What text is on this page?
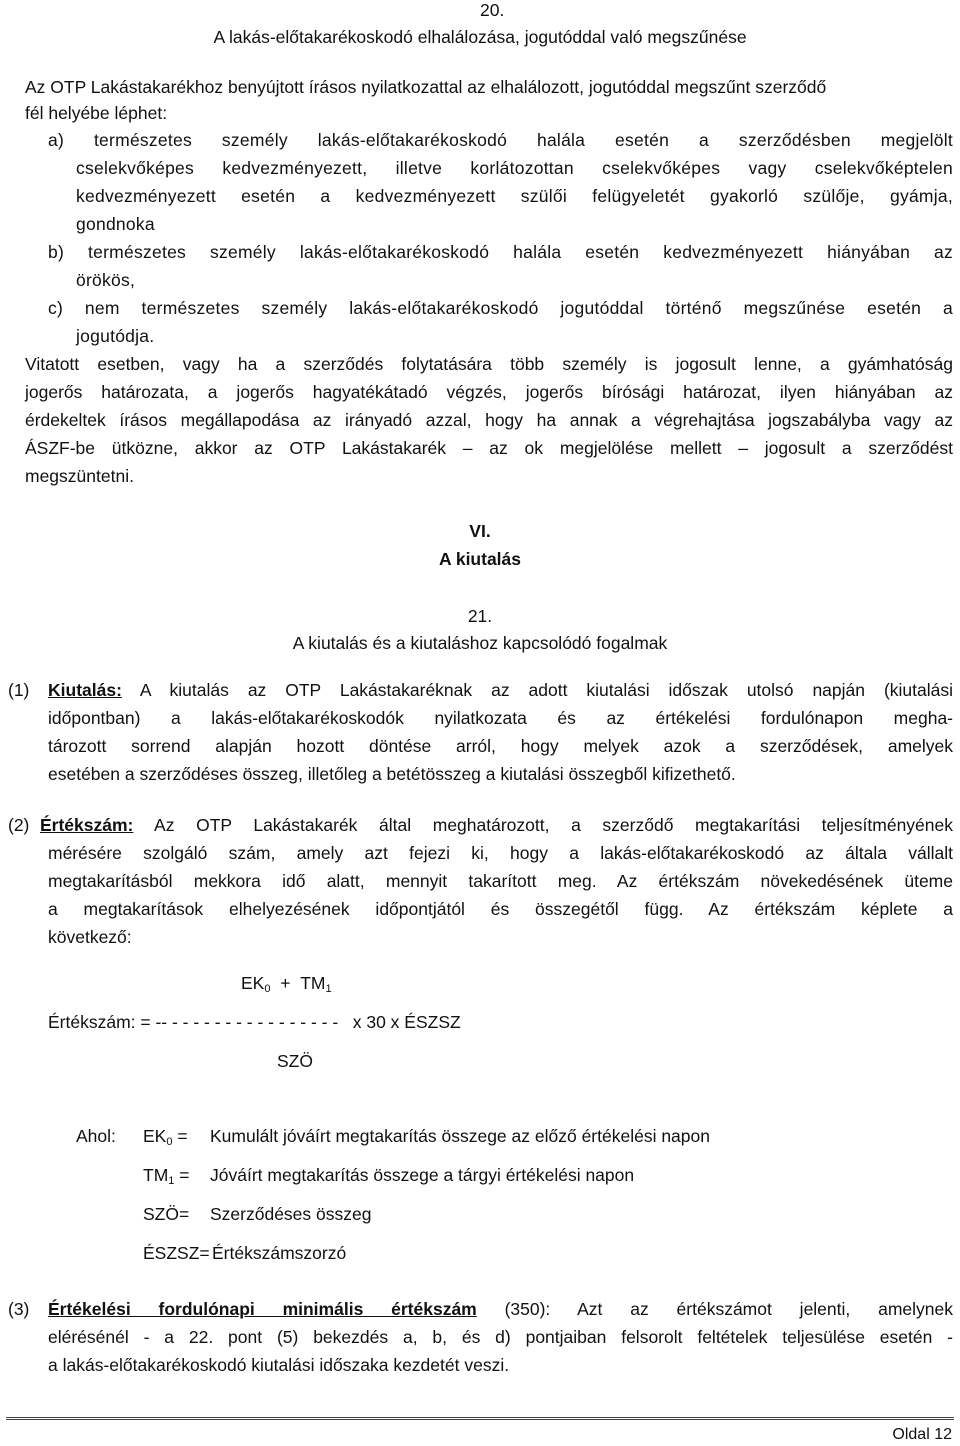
20.
A lakás-előtakarékoskodó elhalálozása, jogutóddal való megszűnése
Az OTP Lakástakarékhoz benyújtott írásos nyilatkozattal az elhalálozott, jogutóddal megszűnt szerződő
fél helyébe léphet:
a) természetes személy lakás-előtakarékoskodó halála esetén a szerződésben megjelölt
cselekvőképes kedvezményezett, illetve korlátozottan cselekvőképes vagy cselekvőképtelen
kedvezményezett esetén a kedvezményezett szülői felügyeletét gyakorló szülője, gyámja,
gondnoka
b) természetes személy lakás-előtakarékoskodó halála esetén kedvezményezett hiányában az
örökös,
c) nem természetes személy lakás-előtakarékoskodó jogutóddal történő megszűnése esetén a
jogutódja.
Vitatott esetben, vagy ha a szerződés folytatására több személy is jogosult lenne, a gyámhatóság
jogerős határozata, a jogerős hagyatékátadó végzés, jogerős bírósági határozat, ilyen hiányában az
érdekeltek írásos megállapodása az irányadó azzal, hogy ha annak a végrehajtása jogszabályba vagy az
ÁSZF-be ütközne, akkor az OTP Lakástakarék – az ok megjelölése mellett – jogosult a szerződést
megszüntetni.
VI.
A kiutalás
21.
A kiutalás és a kiutaláshoz kapcsolódó fogalmak
(1) Kiutalás: A kiutalás az OTP Lakástakaréknak az adott kiutalási időszak utolsó napján (kiutalási
időpontban) a lakás-előtakarékoskodók nyilatkozata és az értékelési fordulónapon megha-
tározott sorrend alapján hozott döntése arról, hogy melyek azok a szerződések, amelyek
esetében a szerződéses összeg, illetőleg a betétösszeg a kiutalási összegből kifizethető.
(2) Értékszám: Az OTP Lakástakarék által meghatározott, a szerződő megtakarítási teljesítményének
mérésére szolgáló szám, amely azt fejezi ki, hogy a lakás-előtakarékoskodó az általa vállalt
megtakarításból mekkora idő alatt, mennyit takarított meg. Az értékszám növekedésének üteme
a megtakarítások elhelyezésének időpontjától és összegétől függ. Az értékszám képlete a
következő:
$EK_0 + TM_1$
Értékszám: = -- - - - - - - - - - - - - - - - -   x 30 x ÉSZSZ
SZÖ
Ahol: $EK_0$ = Kumulált jóváírt megtakarítás összege az előző értékelési napon
$TM_1$ = Jóváírt megtakarítás összege a tárgyi értékelési napon
SZÖ= Szerződéses összeg
ÉSZSZ= Értékszámszorzó
(3) Értékelési fordulónapi minimális értékszám (350): Azt az értékszámot jelenti, amelynek
elérésénél - a 22. pont (5) bekezdés a, b, és d) pontjaiban felsorolt feltételek teljesülése esetén -
a lakás-előtakarékoskodó kiutalási időszaka kezdetét veszi.
Oldal 12
